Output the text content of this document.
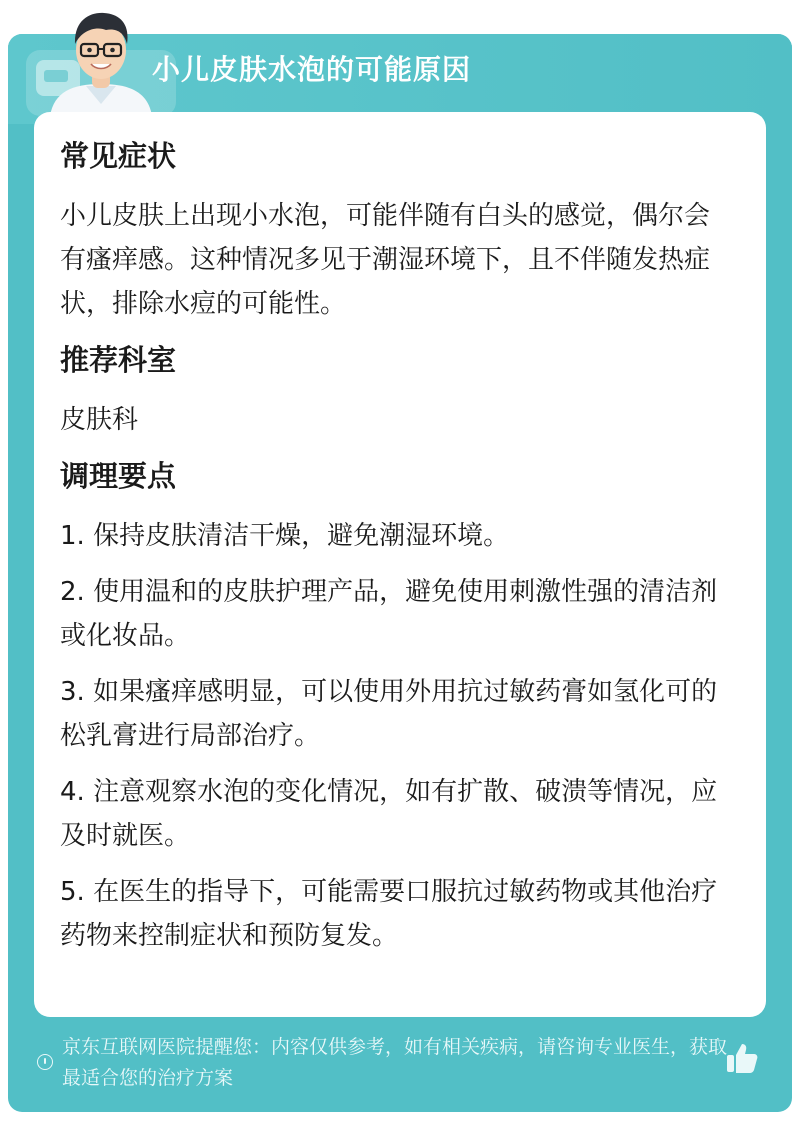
小儿皮肤水泡的可能原因
常见症状
小儿皮肤上出现小水泡，可能伴随有白头的感觉，偶尔会有瘙痒感。这种情况多见于潮湿环境下，且不伴随发热症状，排除水痘的可能性。
推荐科室
皮肤科
调理要点
1. 保持皮肤清洁干燥，避免潮湿环境。
2. 使用温和的皮肤护理产品，避免使用刺激性强的清洁剂或化妆品。
3. 如果瘙痒感明显，可以使用外用抗过敏药膏如氢化可的松乳膏进行局部治疗。
4. 注意观察水泡的变化情况，如有扩散、破溃等情况，应及时就医。
5. 在医生的指导下，可能需要口服抗过敏药物或其他治疗药物来控制症状和预防复发。
京东互联网医院提醒您：内容仅供参考，如有相关疾病，请咨询专业医生，获取最适合您的治疗方案
